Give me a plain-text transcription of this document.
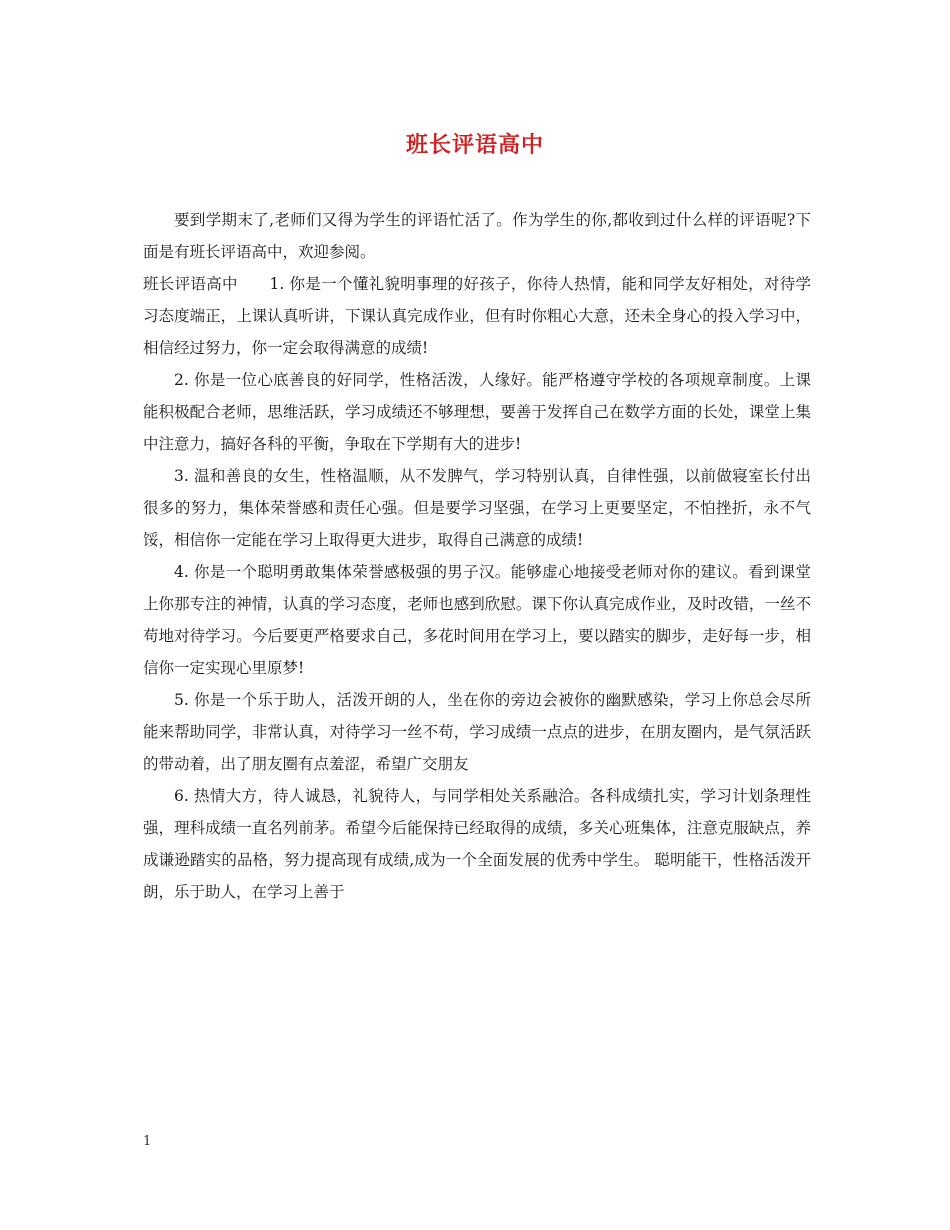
班长评语高中

要到学期末了,老师们又得为学生的评语忙活了。作为学生的你,都收到过什么样的评语呢?下面是有班长评语高中，欢迎参阅。

班长评语高中　　1. 你是一个懂礼貌明事理的好孩子，你待人热情，能和同学友好相处，对待学习态度端正，上课认真听讲，下课认真完成作业，但有时你粗心大意，还未全身心的投入学习中，相信经过努力，你一定会取得满意的成绩!

2. 你是一位心底善良的好同学，性格活泼，人缘好。能严格遵守学校的各项规章制度。上课能积极配合老师，思维活跃，学习成绩还不够理想，要善于发挥自己在数学方面的长处，课堂上集中注意力，搞好各科的平衡，争取在下学期有大的进步!

3. 温和善良的女生，性格温顺，从不发脾气，学习特别认真，自律性强，以前做寝室长付出很多的努力，集体荣誉感和责任心强。但是要学习坚强，在学习上更要坚定，不怕挫折，永不气馁，相信你一定能在学习上取得更大进步，取得自己满意的成绩!

4. 你是一个聪明勇敢集体荣誉感极强的男子汉。能够虚心地接受老师对你的建议。看到课堂上你那专注的神情，认真的学习态度，老师也感到欣慰。课下你认真完成作业，及时改错，一丝不苟地对待学习。今后要更严格要求自己，多花时间用在学习上，要以踏实的脚步，走好每一步，相信你一定实现心里原梦!

5. 你是一个乐于助人，活泼开朗的人，坐在你的旁边会被你的幽默感染，学习上你总会尽所能来帮助同学，非常认真，对待学习一丝不苟，学习成绩一点点的进步，在朋友圈内，是气氛活跃的带动着，出了朋友圈有点羞涩，希望广交朋友

6. 热情大方，待人诚恳，礼貌待人，与同学相处关系融洽。各科成绩扎实，学习计划条理性强，理科成绩一直名列前茅。希望今后能保持已经取得的成绩，多关心班集体，注意克服缺点，养成谦逊踏实的品格，努力提高现有成绩,成为一个全面发展的优秀中学生。 聪明能干，性格活泼开朗，乐于助人，在学习上善于

1
